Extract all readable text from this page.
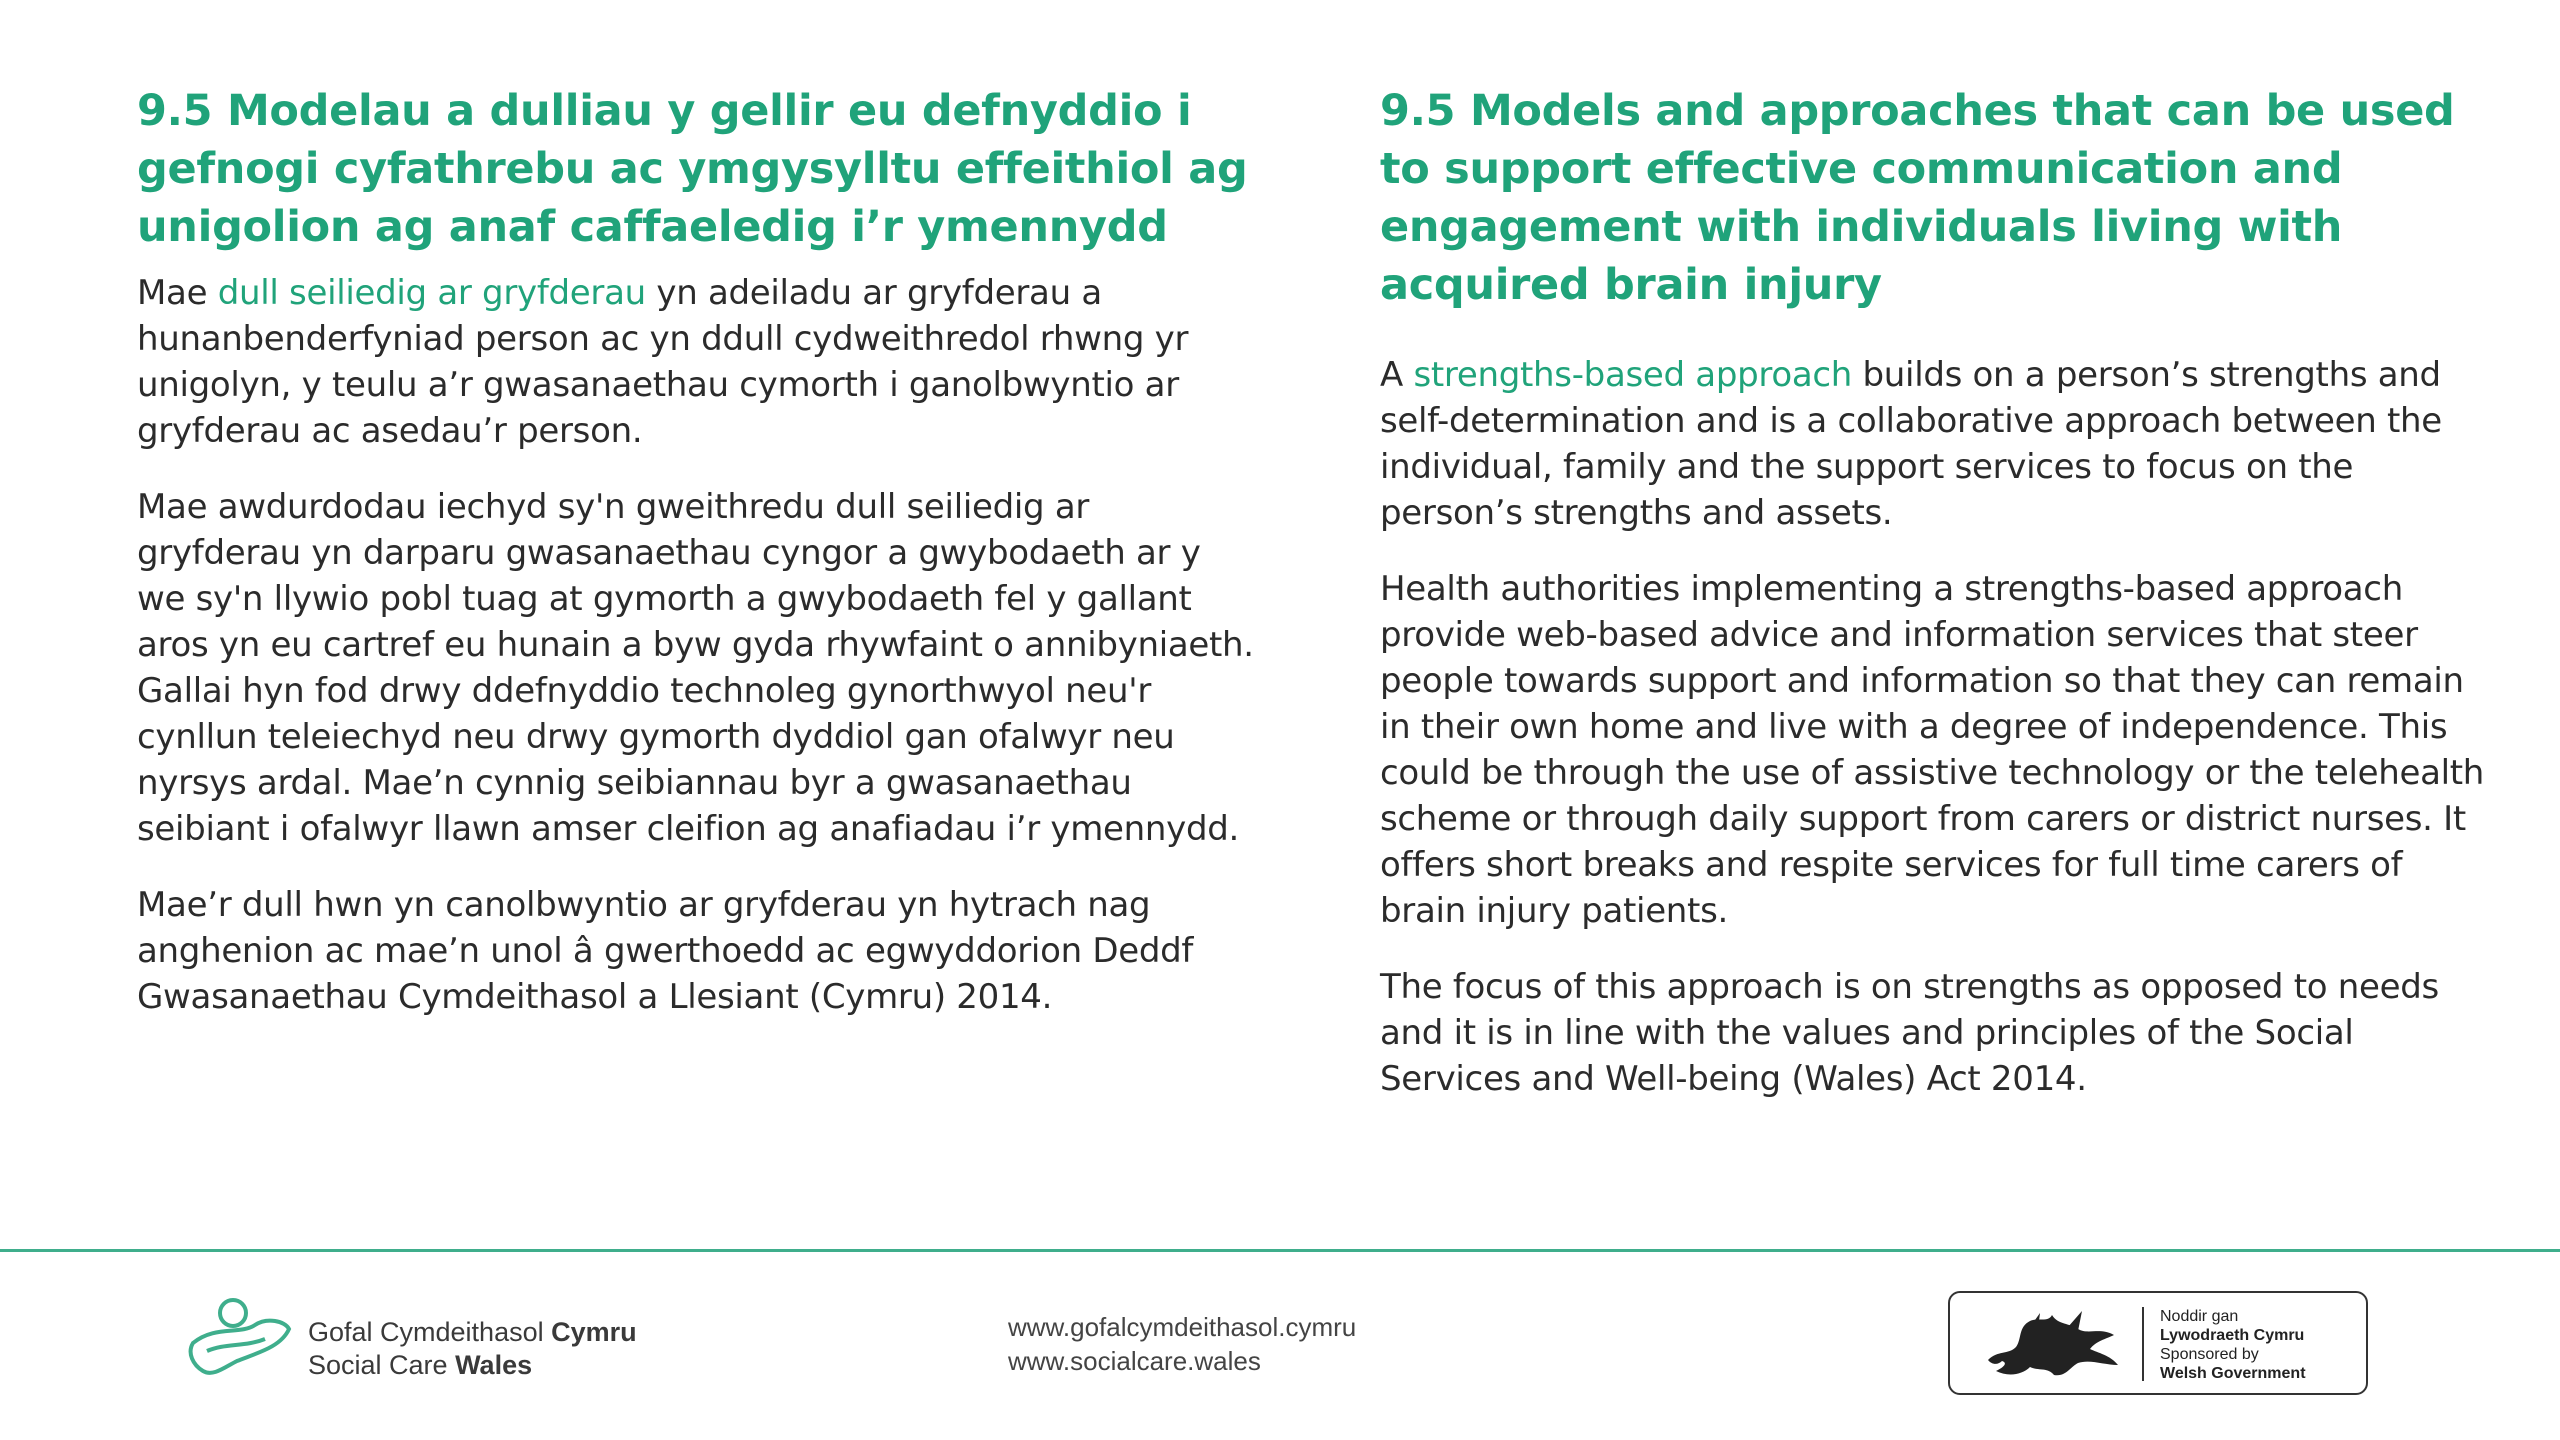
9.5 Modelau a dulliau y gellir eu defnyddio i gefnogi cyfathrebu ac ymgysylltu effeithiol ag unigolion ag anaf caffaeledig i’r ymennydd

Mae dull seiliedig ar gryfderau yn adeiladu ar gryfderau a hunanbenderfyniad person ac yn ddull cydweithredol rhwng yr unigolyn, y teulu a’r gwasanaethau cymorth i ganolbwyntio ar gryfderau ac asedau’r person.

Mae awdurdodau iechyd sy'n gweithredu dull seiliedig ar gryfderau yn darparu gwasanaethau cyngor a gwybodaeth ar y we sy'n llywio pobl tuag at gymorth a gwybodaeth fel y gallant aros yn eu cartref eu hunain a byw gyda rhywfaint o annibyniaeth. Gallai hyn fod drwy ddefnyddio technoleg gynorthwyol neu'r cynllun teleiechyd neu drwy gymorth dyddiol gan ofalwyr neu nyrsys ardal. Mae’n cynnig seibiannau byr a gwasanaethau seibiant i ofalwyr llawn amser cleifion ag anafiadau i’r ymennydd.

Mae’r dull hwn yn canolbwyntio ar gryfderau yn hytrach nag anghenion ac mae’n unol â gwerthoedd ac egwyddorion Deddf Gwasanaethau Cymdeithasol a Llesiant (Cymru) 2014.

9.5 Models and approaches that can be used to support effective communication and engagement with individuals living with acquired brain injury

A strengths-based approach builds on a person’s strengths and self-determination and is a collaborative approach between the individual, family and the support services to focus on the person’s strengths and assets.

Health authorities implementing a strengths-based approach provide web-based advice and information services that steer people towards support and information so that they can remain in their own home and live with a degree of independence. This could be through the use of assistive technology or the telehealth scheme or through daily support from carers or district nurses. It offers short breaks and respite services for full time carers of brain injury patients.

The focus of this approach is on strengths as opposed to needs and it is in line with the values and principles of the Social Services and Well-being (Wales) Act 2014.

Gofal Cymdeithasol Cymru
Social Care Wales
www.gofalcymdeithasol.cymru
www.socialcare.wales
Noddir gan
Lywodraeth Cymru
Sponsored by
Welsh Government
